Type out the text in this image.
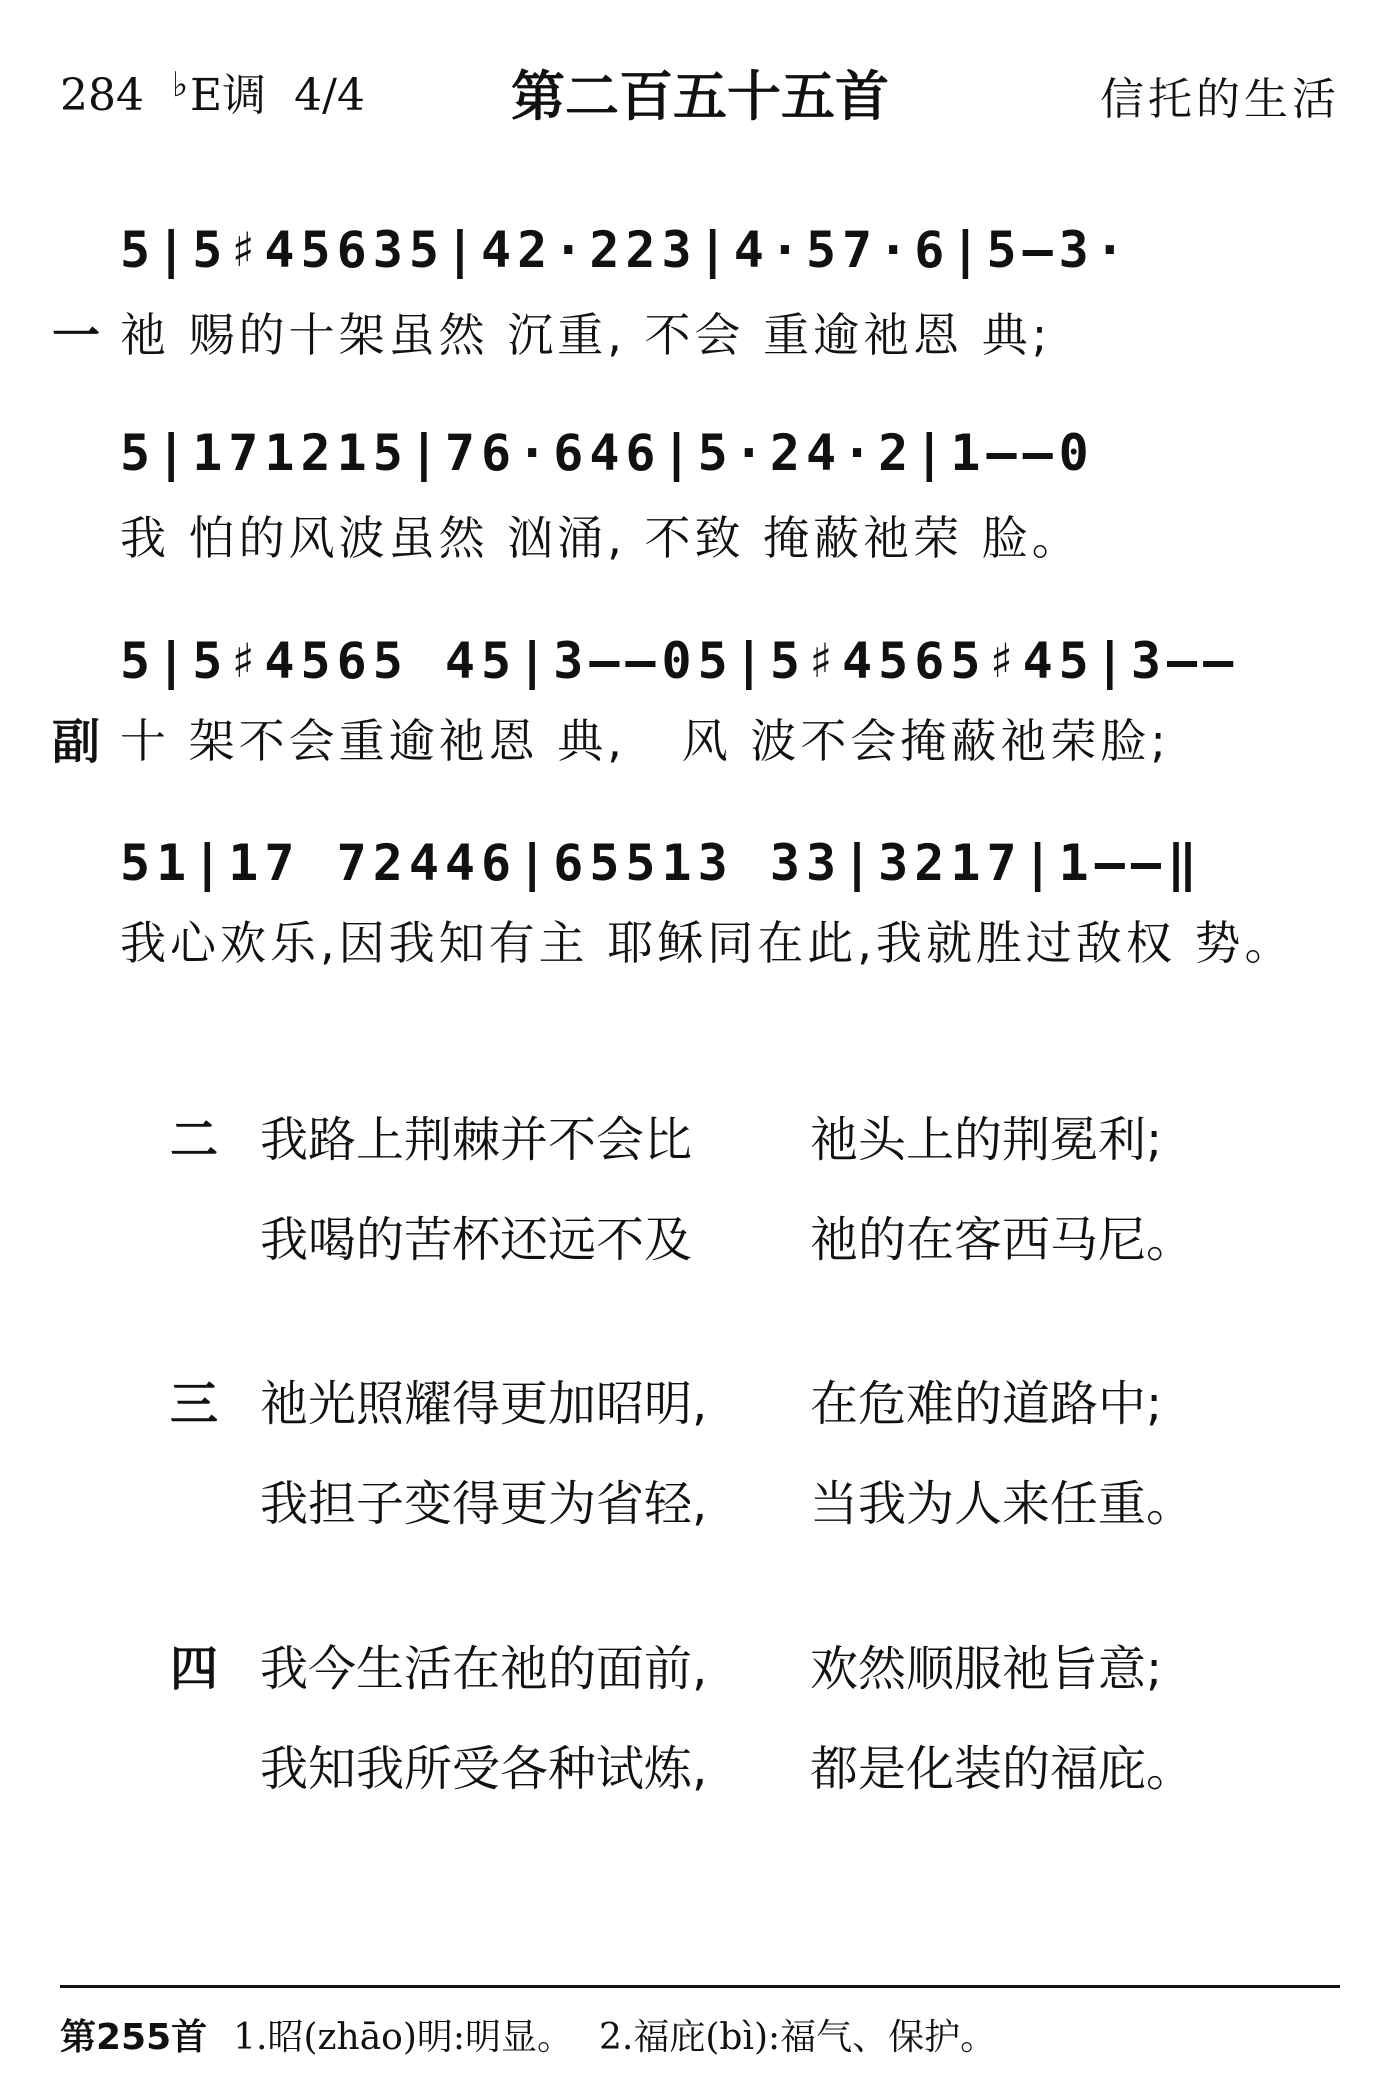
284 ♭E调 4/4	第二百五十五首	信托的生活
5|5♯45635|42·223|4·57·6|5–3·
一 祂 赐的十架虽然 沉重, 不会 重逾祂恩 典;
5|171215|76·646|5·24·2|1––0
我 怕的风波虽然 汹涌, 不致 掩蔽祂荣 脸。
5|5♯4565 45|3––05|5♯4565♯45|3––
副 十 架不会重逾祂恩 典,   风 波不会掩蔽祂荣脸;
51|17 72446|65513 33|3217|1––‖
我心欢乐,因我知有主 耶稣同在此,我就胜过敌权 势。
二 我路上荆棘并不会比 祂头上的荆冕利;
我喝的苦杯还远不及 祂的在客西马尼。
三 祂光照耀得更加昭明, 在危难的道路中;
我担子变得更为省轻, 当我为人来任重。
四 我今生活在祂的面前, 欢然顺服祂旨意;
我知我所受各种试炼, 都是化装的福庇。
第255首 1.昭(zhāo)明:明显。 2.福庇(bì):福气、保护。
